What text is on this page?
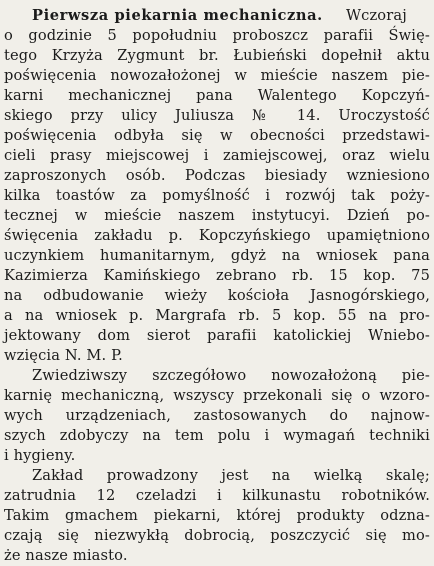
Pierwsza piekarnia mechaniczna.	Wczoraj
o godzinie 5 popołudniu proboszcz parafii Świę-
tego Krzyża Zygmunt br. Łubieński dopełnił aktu
poświęcenia nowozałożonej w mieście naszem pie-
karni mechanicznej pana Walentego Kopczyń-
skiego przy ulicy Juliusza № 14. Uroczystość
poświęcenia odbyła się w obecności przedstawi-
cieli prasy miejscowej i zamiejscowej, oraz wielu
zaproszonych osób. Podczas biesiady wzniesiono
kilka toastów za pomyślność i rozwój tak poży-
tecznej w mieście naszem instytucyi. Dzień po-
święcenia zakładu p. Kopczyńskiego upamiętniono
uczynkiem humanitarnym, gdyż na wniosek pana
Kazimierza Kamińskiego zebrano rb. 15 kop. 75
na odbudowanie wieży kościoła Jasnogórskiego,
a na wniosek p. Margrafa rb. 5 kop. 55 na pro-
jektowany dom sierot parafii katolickiej Wniebo-
wzięcia N. M. P.
Zwiedziwszy szczegółowo nowozałożoną pie-
karnię mechaniczną, wszyscy przekonali się o wzoro-
wych urządzeniach, zastosowanych do najnow-
szych zdobyczy na tem polu i wymagań techniki
i hygieny.
Zakład prowadzony jest na wielką skalę;
zatrudnia 12 czeladzi i kilkunastu robotników.
Takim gmachem piekarni, której produkty odzna-
czają się niezwykłą dobrocią, poszczycić się mo-
że nasze miasto.
